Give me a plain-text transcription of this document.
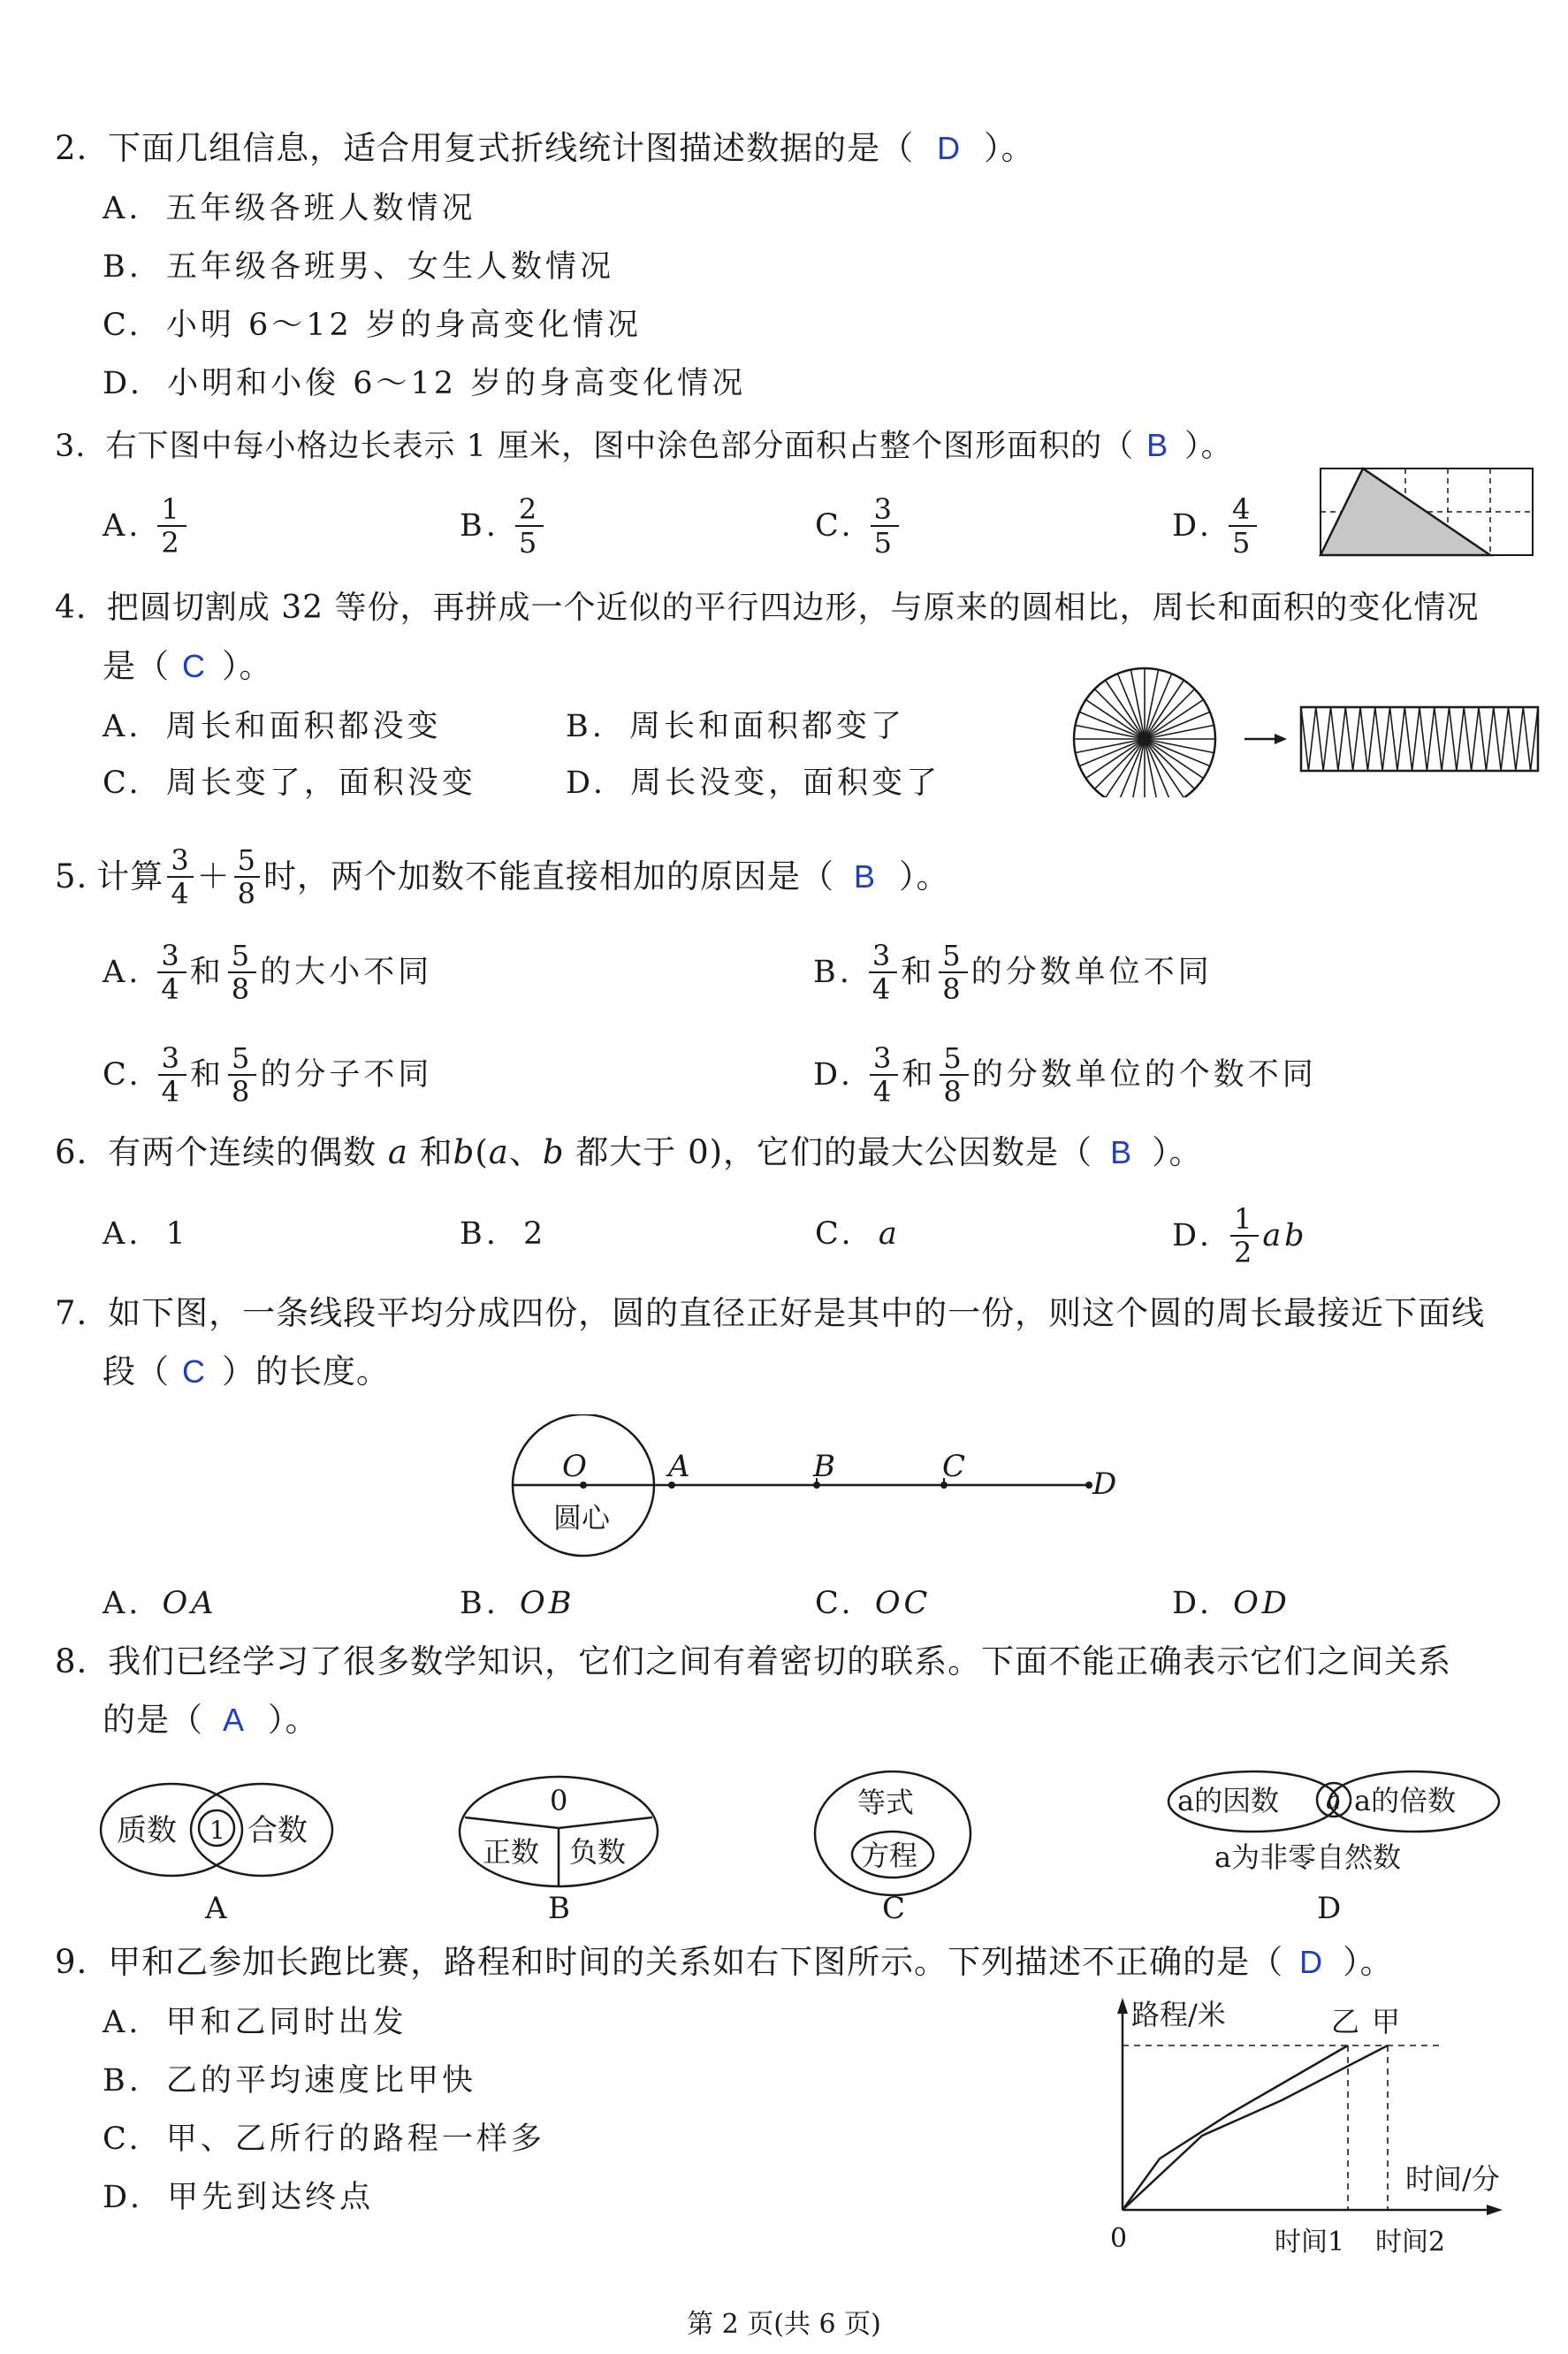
2. 下面几组信息，适合用复式折线统计图描述数据的是（ D ）。
A. 五年级各班人数情况
B. 五年级各班男、女生人数情况
C. 小明 6～12 岁的身高变化情况
D. 小明和小俊 6～12 岁的身高变化情况
3. 右下图中每小格边长表示 1 厘米，图中涂色部分面积占整个图形面积的（ B ）。
A. $\frac{1}{2}$	B. $\frac{2}{5}$	C. $\frac{3}{5}$	D. $\frac{4}{5}$
4. 把圆切割成 32 等份，再拼成一个近似的平行四边形，与原来的圆相比，周长和面积的变化情况
是（ C ）。
A. 周长和面积都没变	B. 周长和面积都变了
C. 周长变了，面积没变	D. 周长没变，面积变了
5. 计算 $\frac{3}{4} + \frac{5}{8}$ 时，两个加数不能直接相加的原因是（ B ）。
A. $\frac{3}{4}$ 和 $\frac{5}{8}$ 的大小不同	B. $\frac{3}{4}$ 和 $\frac{5}{8}$ 的分数单位不同
C. $\frac{3}{4}$ 和 $\frac{5}{8}$ 的分子不同	D. $\frac{3}{4}$ 和 $\frac{5}{8}$ 的分数单位的个数不同
6. 有两个连续的偶数 a 和b(a、b 都大于 0)，它们的最大公因数是（ B ）。
A. 1	B. 2	C. a	D. $\frac{1}{2}$ ab
7. 如下图，一条线段平均分成四份，圆的直径正好是其中的一份，则这个圆的周长最接近下面线
段（ C ）的长度。
O	A	B	C	D
圆心
A. OA	B. OB	C. OC	D. OD
8. 我们已经学习了很多数学知识，它们之间有着密切的联系。下面不能正确表示它们之间关系
的是（ A ）。
质数 1 合数
A
0
正数 负数
B
等式
方程
C
a的因数 a a的倍数
a为非零自然数
D
9. 甲和乙参加长跑比赛，路程和时间的关系如右下图所示。下列描述不正确的是（ D ）。
A. 甲和乙同时出发
B. 乙的平均速度比甲快
C. 甲、乙所行的路程一样多
D. 甲先到达终点
路程/米	乙 甲
时间/分
0	时间1 时间2
第 2 页(共 6 页)
